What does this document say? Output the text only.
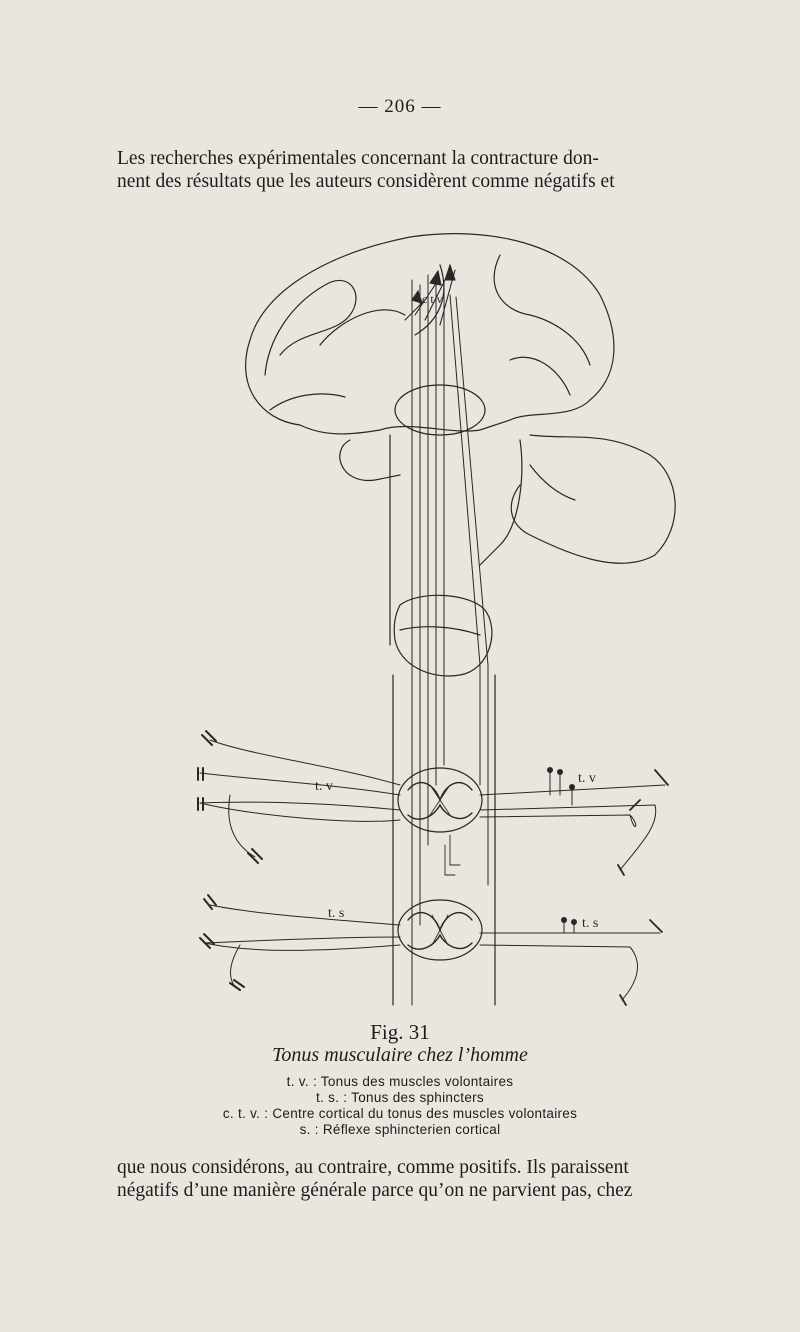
— 206 —
Les recherches expérimentales concernant la contracture don-
nent des résultats que les auteurs considèrent comme négatifs et
c t v
t. v
t. s
t. v
t. s
Fig. 31
Tonus musculaire chez l’homme
t. v. : Tonus des muscles volontaires
t. s. : Tonus des sphincters
c. t. v. : Centre cortical du tonus des muscles volontaires
s. : Réflexe sphincterien cortical
que nous considérons, au contraire, comme positifs. Ils paraissent
négatifs d’une manière générale parce qu’on ne parvient pas, chez
